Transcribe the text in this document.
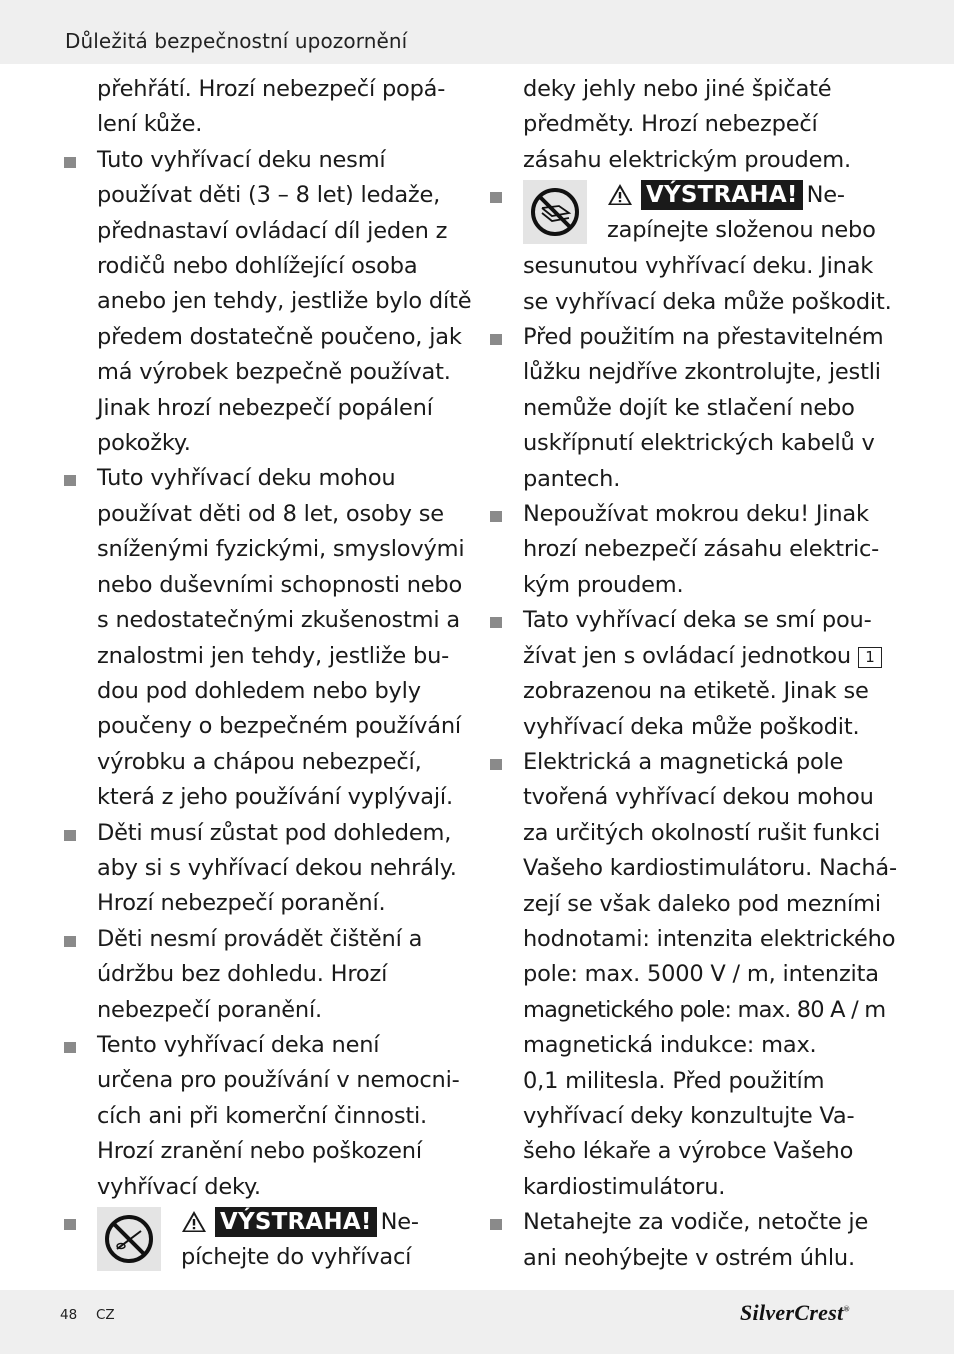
Důležitá bezpečnostní upozornění
přehřátí. Hrozí nebezpečí popá-
lení kůže.
Tuto vyhřívací deku nesmí
používat děti (3 – 8 let) ledaže,
přednastaví ovládací díl jeden z
rodičů nebo dohlížející osoba
anebo jen tehdy, jestliže bylo dítě
předem dostatečně poučeno, jak
má výrobek bezpečně používat.
Jinak hrozí nebezpečí popálení
pokožky.
Tuto vyhřívací deku mohou
používat děti od 8 let, osoby se
sníženými fyzickými, smyslovými
nebo duševními schopnosti nebo
s nedostatečnými zkušenostmi a
znalostmi jen tehdy, jestliže bu-
dou pod dohledem nebo byly
poučeny o bezpečném používání
výrobku a chápou nebezpečí,
která z jeho používání vyplývají.
Děti musí zůstat pod dohledem,
aby si s vyhřívací dekou nehrály.
Hrozí nebezpečí poranění.
Děti nesmí provádět čištění a
údržbu bez dohledu. Hrozí
nebezpečí poranění.
Tento vyhřívací deka není
určena pro používání v nemocni-
cích ani při komerční činnosti.
Hrozí zranění nebo poškození
vyhřívací deky.
VÝSTRAHA! Ne-
píchejte do vyhřívací
deky jehly nebo jiné špičaté
předměty. Hrozí nebezpečí
zásahu elektrickým proudem.
VÝSTRAHA! Ne-
zapínejte složenou nebo
sesunutou vyhřívací deku. Jinak
se vyhřívací deka může poškodit.
Před použitím na přestavitelném
lůžku nejdříve zkontrolujte, jestli
nemůže dojít ke stlačení nebo
uskřípnutí elektrických kabelů v
pantech.
Nepoužívat mokrou deku! Jinak
hrozí nebezpečí zásahu elektric-
kým proudem.
Tato vyhřívací deka se smí pou-
žívat jen s ovládací jednotkou 1
zobrazenou na etiketě. Jinak se
vyhřívací deka může poškodit.
Elektrická a magnetická pole
tvořená vyhřívací dekou mohou
za určitých okolností rušit funkci
Vašeho kardiostimulátoru. Nachá-
zejí se však daleko pod mezními
hodnotami: intenzita elektrického
pole: max. 5000 V / m, intenzita
magnetického pole: max. 80 A / m
magnetická indukce: max.
0,1 militesla. Před použitím
vyhřívací deky konzultujte Va-
šeho lékaře a výrobce Vašeho
kardiostimulátoru.
Netahejte za vodiče, netočte je
ani neohýbejte v ostrém úhlu.
48 CZ	SilverCrest®
